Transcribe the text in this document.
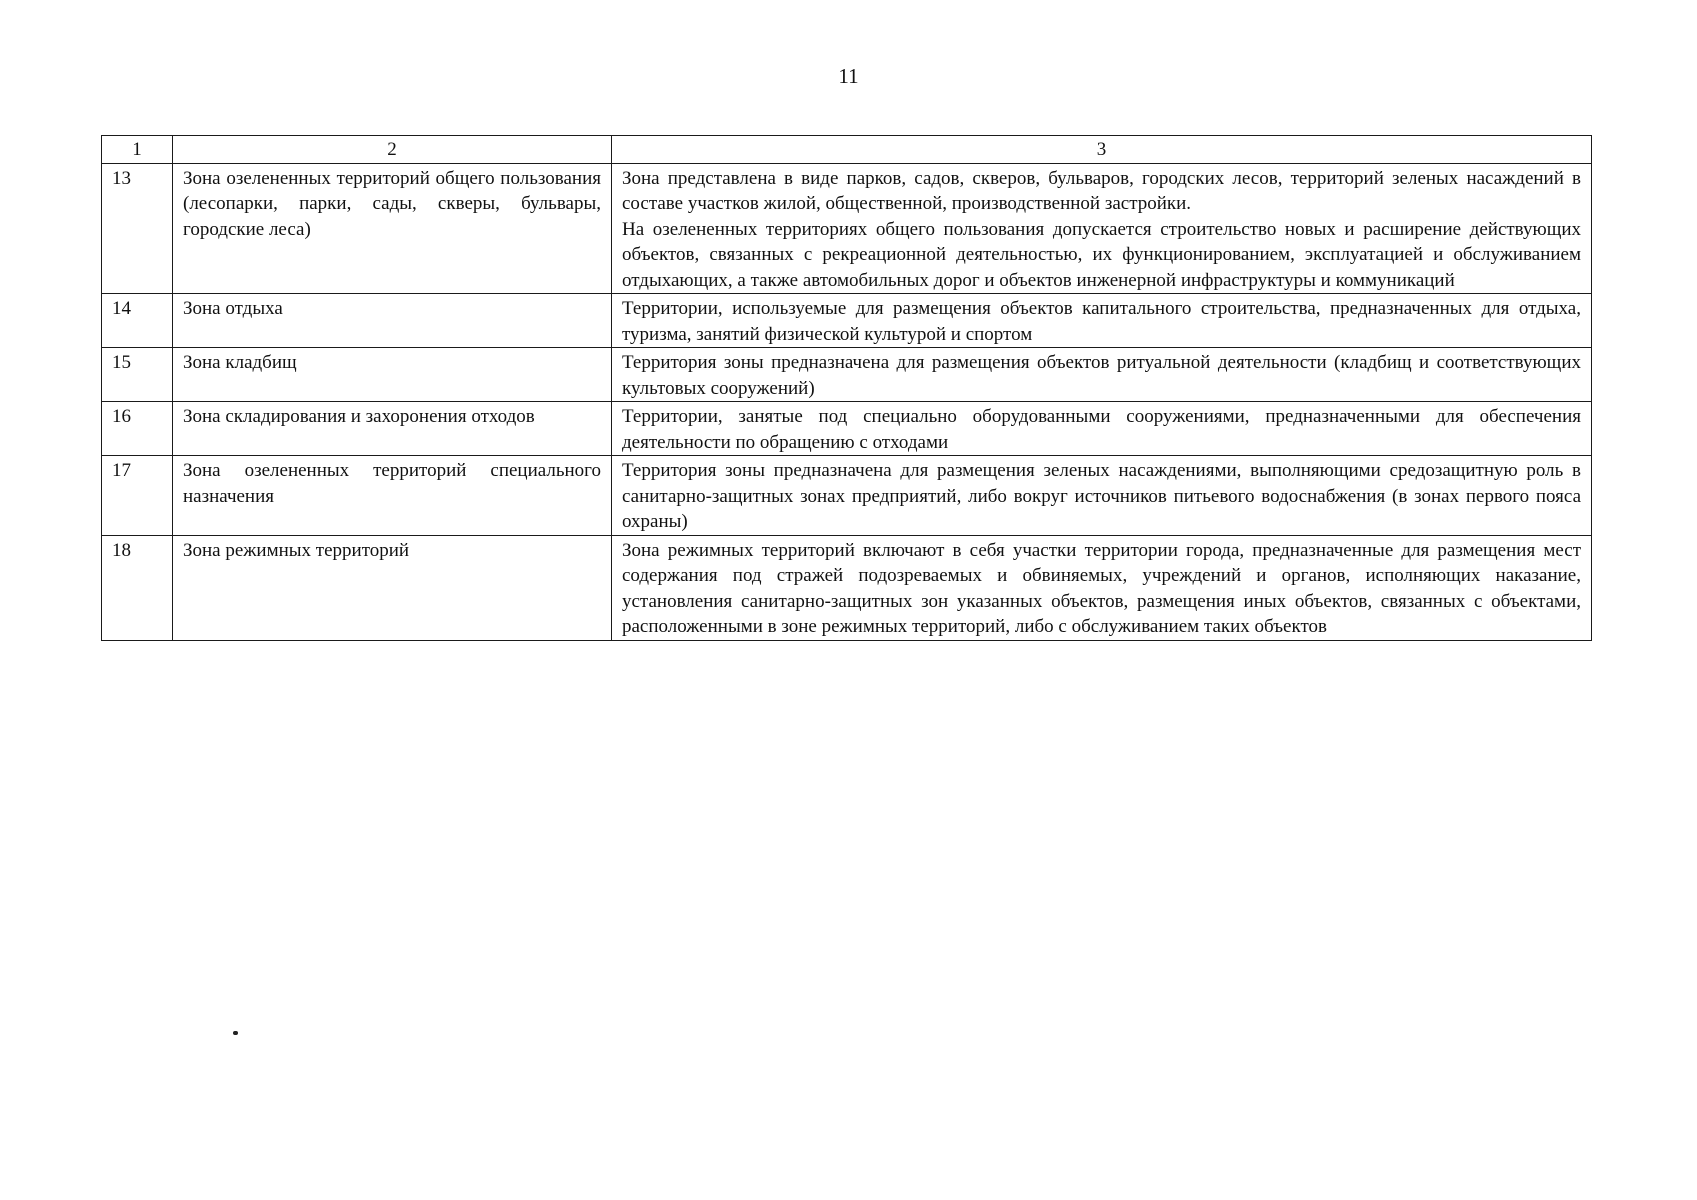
11
1	2	3
13	Зона озелененных территорий общего пользования (лесопарки, парки, сады, скверы, бульвары, городские леса)	Зона представлена в виде парков, садов, скверов, бульваров, городских лесов, территорий зеленых насаждений в составе участков жилой, общественной, производственной застройки.

На озелененных территориях общего пользования допускается строительство новых и расширение действующих объектов, связанных с рекреационной деятельностью, их функционированием, эксплуатацией и обслуживанием отдыхающих, а также автомобильных дорог и объектов инженерной инфраструктуры и коммуникаций

14	Зона отдыха	Территории, используемые для размещения объектов капитального строительства, предназначенных для отдыха, туризма, занятий физической культурой и спортом

15	Зона кладбищ	Территория зоны предназначена для размещения объектов ритуальной деятельности (кладбищ и соответствующих культовых сооружений)

16	Зона складирования и захоронения отходов	Территории, занятые под специально оборудованными сооружениями, предназначенными для обеспечения деятельности по обращению с отходами

17	Зона озелененных территорий специального назначения	Территория зоны предназначена для размещения зеленых насаждениями, выполняющими средозащитную роль в санитарно-защитных зонах предприятий, либо вокруг источников питьевого водоснабжения (в зонах первого пояса охраны)

18	Зона режимных территорий	Зона режимных территорий включают в себя участки территории города, предназначенные для размещения мест содержания под стражей подозреваемых и обвиняемых, учреждений и органов, исполняющих наказание, установления санитарно-защитных зон указанных объектов, размещения иных объектов, связанных с объектами, расположенными в зоне режимных территорий, либо с обслуживанием таких объектов
